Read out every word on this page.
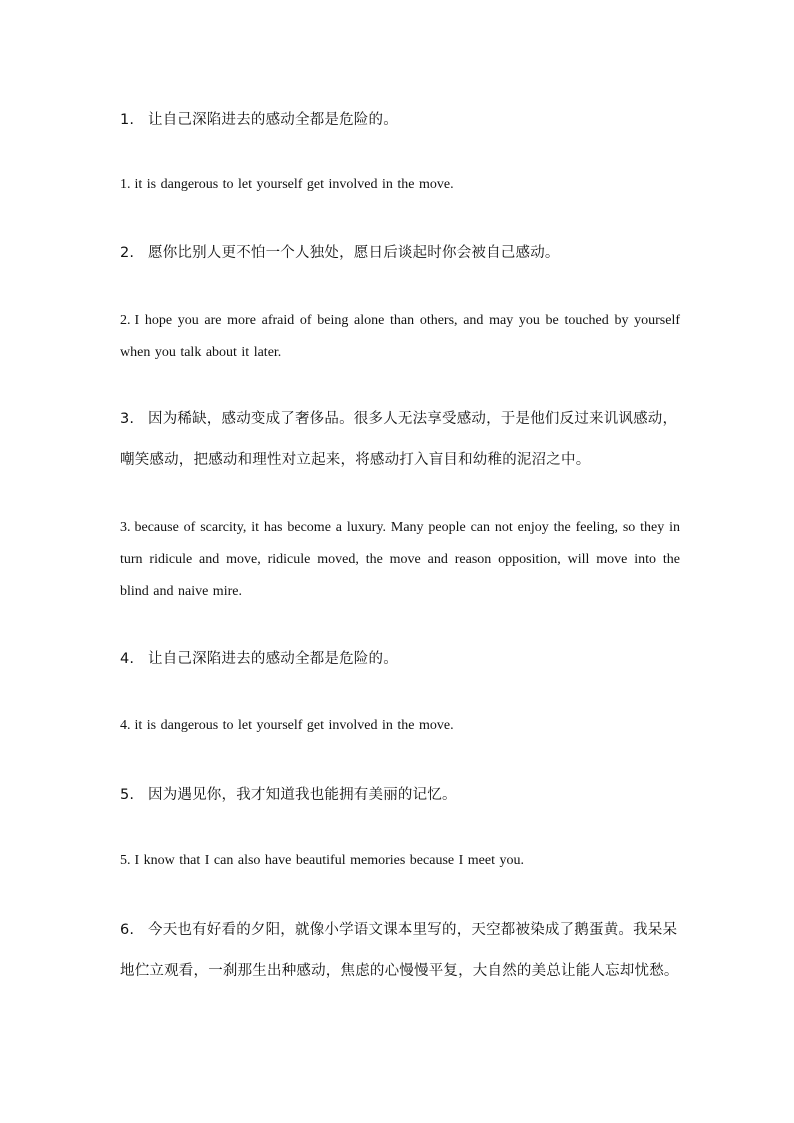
1. 让自己深陷进去的感动全都是危险的。

1. it is dangerous to let yourself get involved in the move.

2. 愿你比别人更不怕一个人独处，愿日后谈起时你会被自己感动。

2. I hope you are more afraid of being alone than others, and may you be touched by yourself when you talk about it later.

3. 因为稀缺，感动变成了奢侈品。很多人无法享受感动，于是他们反过来讥讽感动，嘲笑感动，把感动和理性对立起来，将感动打入盲目和幼稚的泥沼之中。

3. because of scarcity, it has become a luxury. Many people can not enjoy the feeling, so they in turn ridicule and move, ridicule moved, the move and reason opposition, will move into the blind and naive mire.

4. 让自己深陷进去的感动全都是危险的。

4. it is dangerous to let yourself get involved in the move.

5. 因为遇见你，我才知道我也能拥有美丽的记忆。

5. I know that I can also have beautiful memories because I meet you.

6. 今天也有好看的夕阳，就像小学语文课本里写的，天空都被染成了鹅蛋黄。我呆呆地伫立观看，一刹那生出种感动，焦虑的心慢慢平复，大自然的美总让能人忘却忧愁。
